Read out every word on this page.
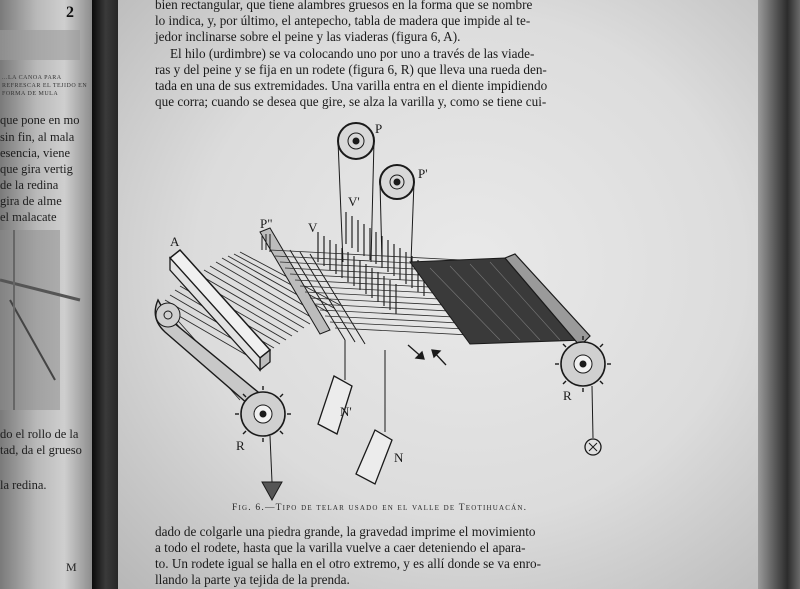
...LA CANOA PARA REFRESCAR EL TEJIDO EN FORMA DE MULA
que pone en mo
sin fin, al mala
esencia, viene
que gira vertig
de la redina
gira de alme
el malacate
do el rollo de la
tad, da el grueso
la redina.
2
M
bien rectangular, que tiene alambres gruesos en la forma que se nombre
lo indica, y, por último, el antepecho, tabla de madera que impide al te-
jedor inclinarse sobre el peine y las viaderas (figura 6, A).
El hilo (urdimbre) se va colocando uno por uno a través de las viade-
ras y del peine y se fija en un rodete (figura 6, R) que lleva una rueda den-
tada en una de sus extremidades. Una varilla entra en el diente impidiendo
que corra; cuando se desea que gire, se alza la varilla y, como se tiene cui-
A
P
P'
P"	V
V'
N'
N
R
R
Fig. 6.—Tipo de telar usado en el valle de Teotihuacán.
dado de colgarle una piedra grande, la gravedad imprime el movimiento
a todo el rodete, hasta que la varilla vuelve a caer deteniendo el apara-
to. Un rodete igual se halla en el otro extremo, y es allí donde se va enro-
llando la parte ya tejida de la prenda.
